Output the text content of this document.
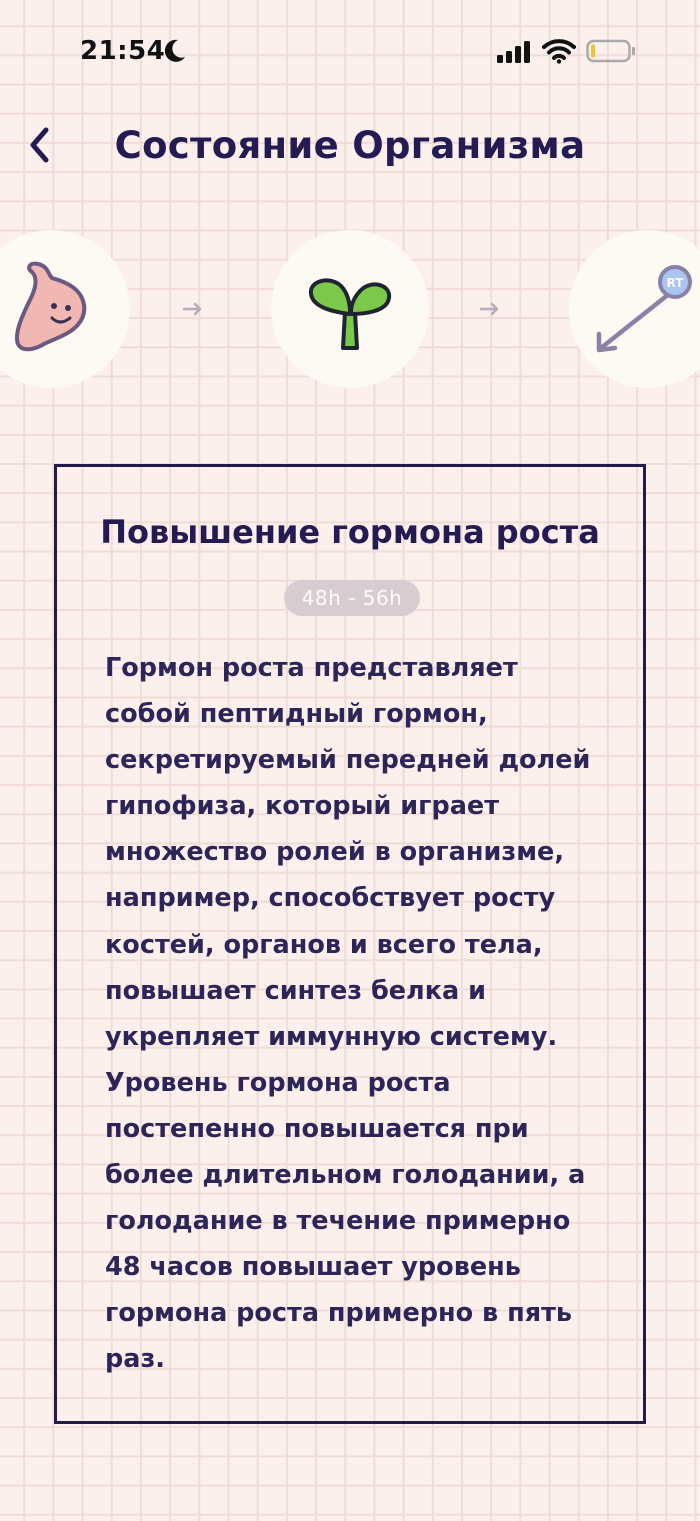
21:54
Состояние Организма
RT
Повышение гормона роста
48h - 56h
Гормон роста представляет собой пептидный гормон, секретируемый передней долей гипофиза, который играет множество ролей в организме, например, способствует росту костей, органов и всего тела, повышает синтез белка и укрепляет иммунную систему. Уровень гормона роста постепенно повышается при более длительном голодании, а голодание в течение примерно 48 часов повышает уровень гормона роста примерно в пять раз.
